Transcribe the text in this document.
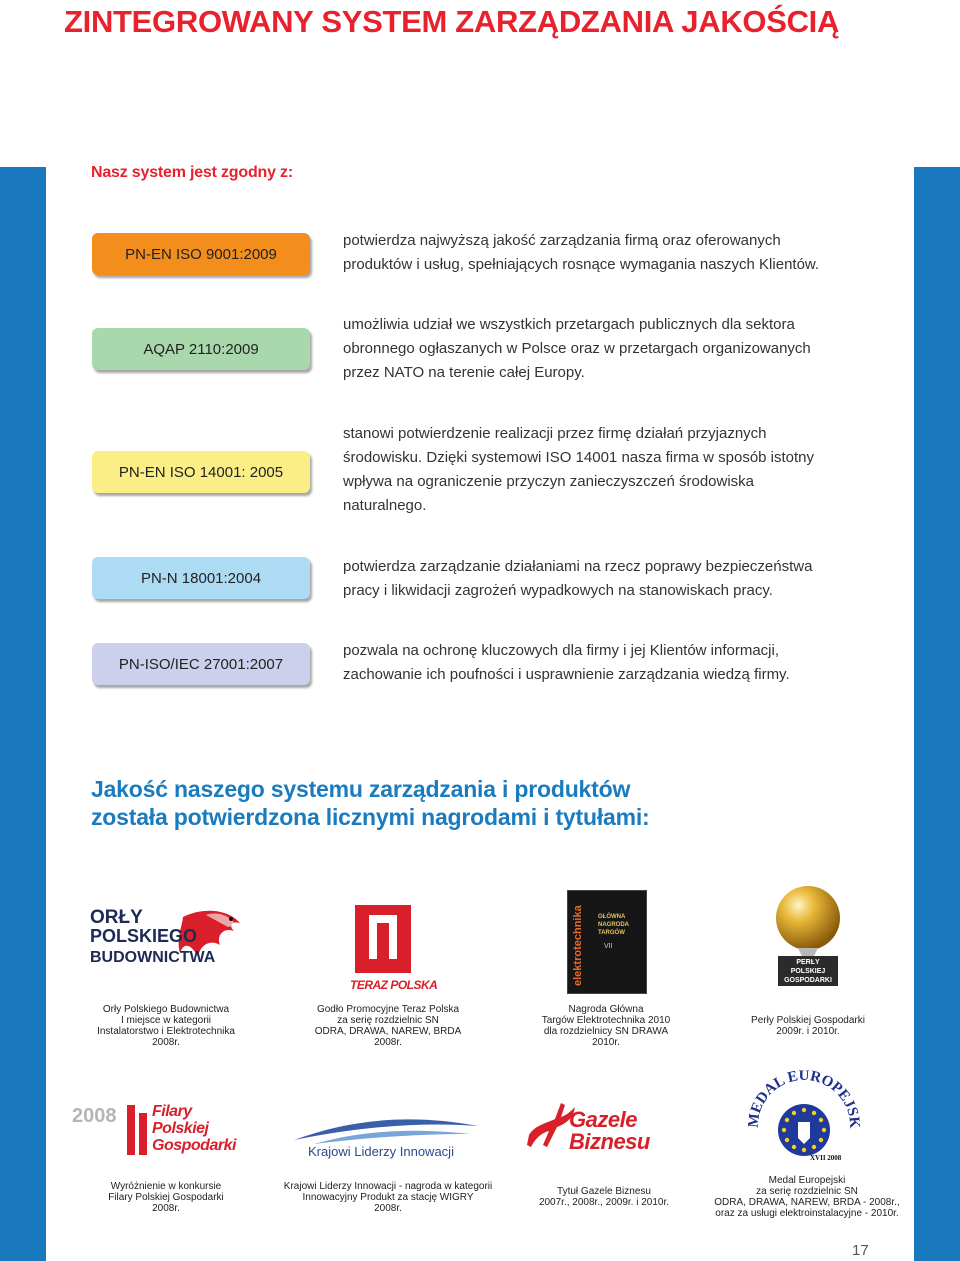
ZINTEGROWANY SYSTEM ZARZĄDZANIA JAKOŚCIĄ
Nasz system jest zgodny z:
PN-EN ISO 9001:2009
potwierdza najwyższą jakość zarządzania firmą oraz oferowanych
produktów i usług, spełniających rosnące wymagania naszych Klientów.
AQAP 2110:2009
umożliwia udział we wszystkich przetargach publicznych dla sektora
obronnego ogłaszanych w Polsce oraz w przetargach organizowanych
przez NATO na terenie całej Europy.
PN-EN ISO 14001: 2005
stanowi potwierdzenie realizacji przez firmę działań przyjaznych
środowisku. Dzięki systemowi ISO 14001 nasza firma w sposób istotny
wpływa na ograniczenie przyczyn zanieczyszczeń środowiska
naturalnego.
PN-N 18001:2004
potwierdza zarządzanie działaniami na rzecz poprawy bezpieczeństwa
pracy i likwidacji zagrożeń wypadkowych na stanowiskach pracy.
PN-ISO/IEC 27001:2007
pozwala na ochronę kluczowych dla firmy i jej Klientów informacji,
zachowanie ich poufności i usprawnienie zarządzania wiedzą firmy.
Jakość naszego systemu zarządzania i produktów
została potwierdzona licznymi nagrodami i tytułami:
ORŁY
POLSKIEGO
BUDOWNICTWA
TERAZ POLSKA	elektrotechnika GŁÓWNA
NAGRODA
TARGÓW
VII
PERŁY
POLSKIEJ
GOSPODARKI
Orły Polskiego Budownictwa
I miejsce w kategorii
Instalatorstwo i Elektrotechnika
2008r.
Godło Promocyjne Teraz Polska
za serię rozdzielnic SN
ODRA, DRAWA, NAREW, BRDA
2008r.
Nagroda Główna
Targów Elektrotechnika 2010
dla rozdzielnicy SN DRAWA
2010r.
Perły Polskiej Gospodarki
2009r. i 2010r.
2008 Filary
Polskiej
Gospodarki	Krajowi Liderzy Innowacji
Gazele
Biznesu
EDAL EUROPEJS
XVII 2008
Wyróżnienie w konkursie
Filary Polskiej Gospodarki
2008r.
Krajowi Liderzy Innowacji - nagroda w kategorii
Innowacyjny Produkt za stację WIGRY
2008r.
Tytuł Gazele Biznesu
2007r., 2008r., 2009r. i 2010r.
Medal Europejski
za serię rozdzielnic SN
ODRA, DRAWA, NAREW, BRDA - 2008r.,
oraz za usługi elektroinstalacyjne - 2010r.
17
